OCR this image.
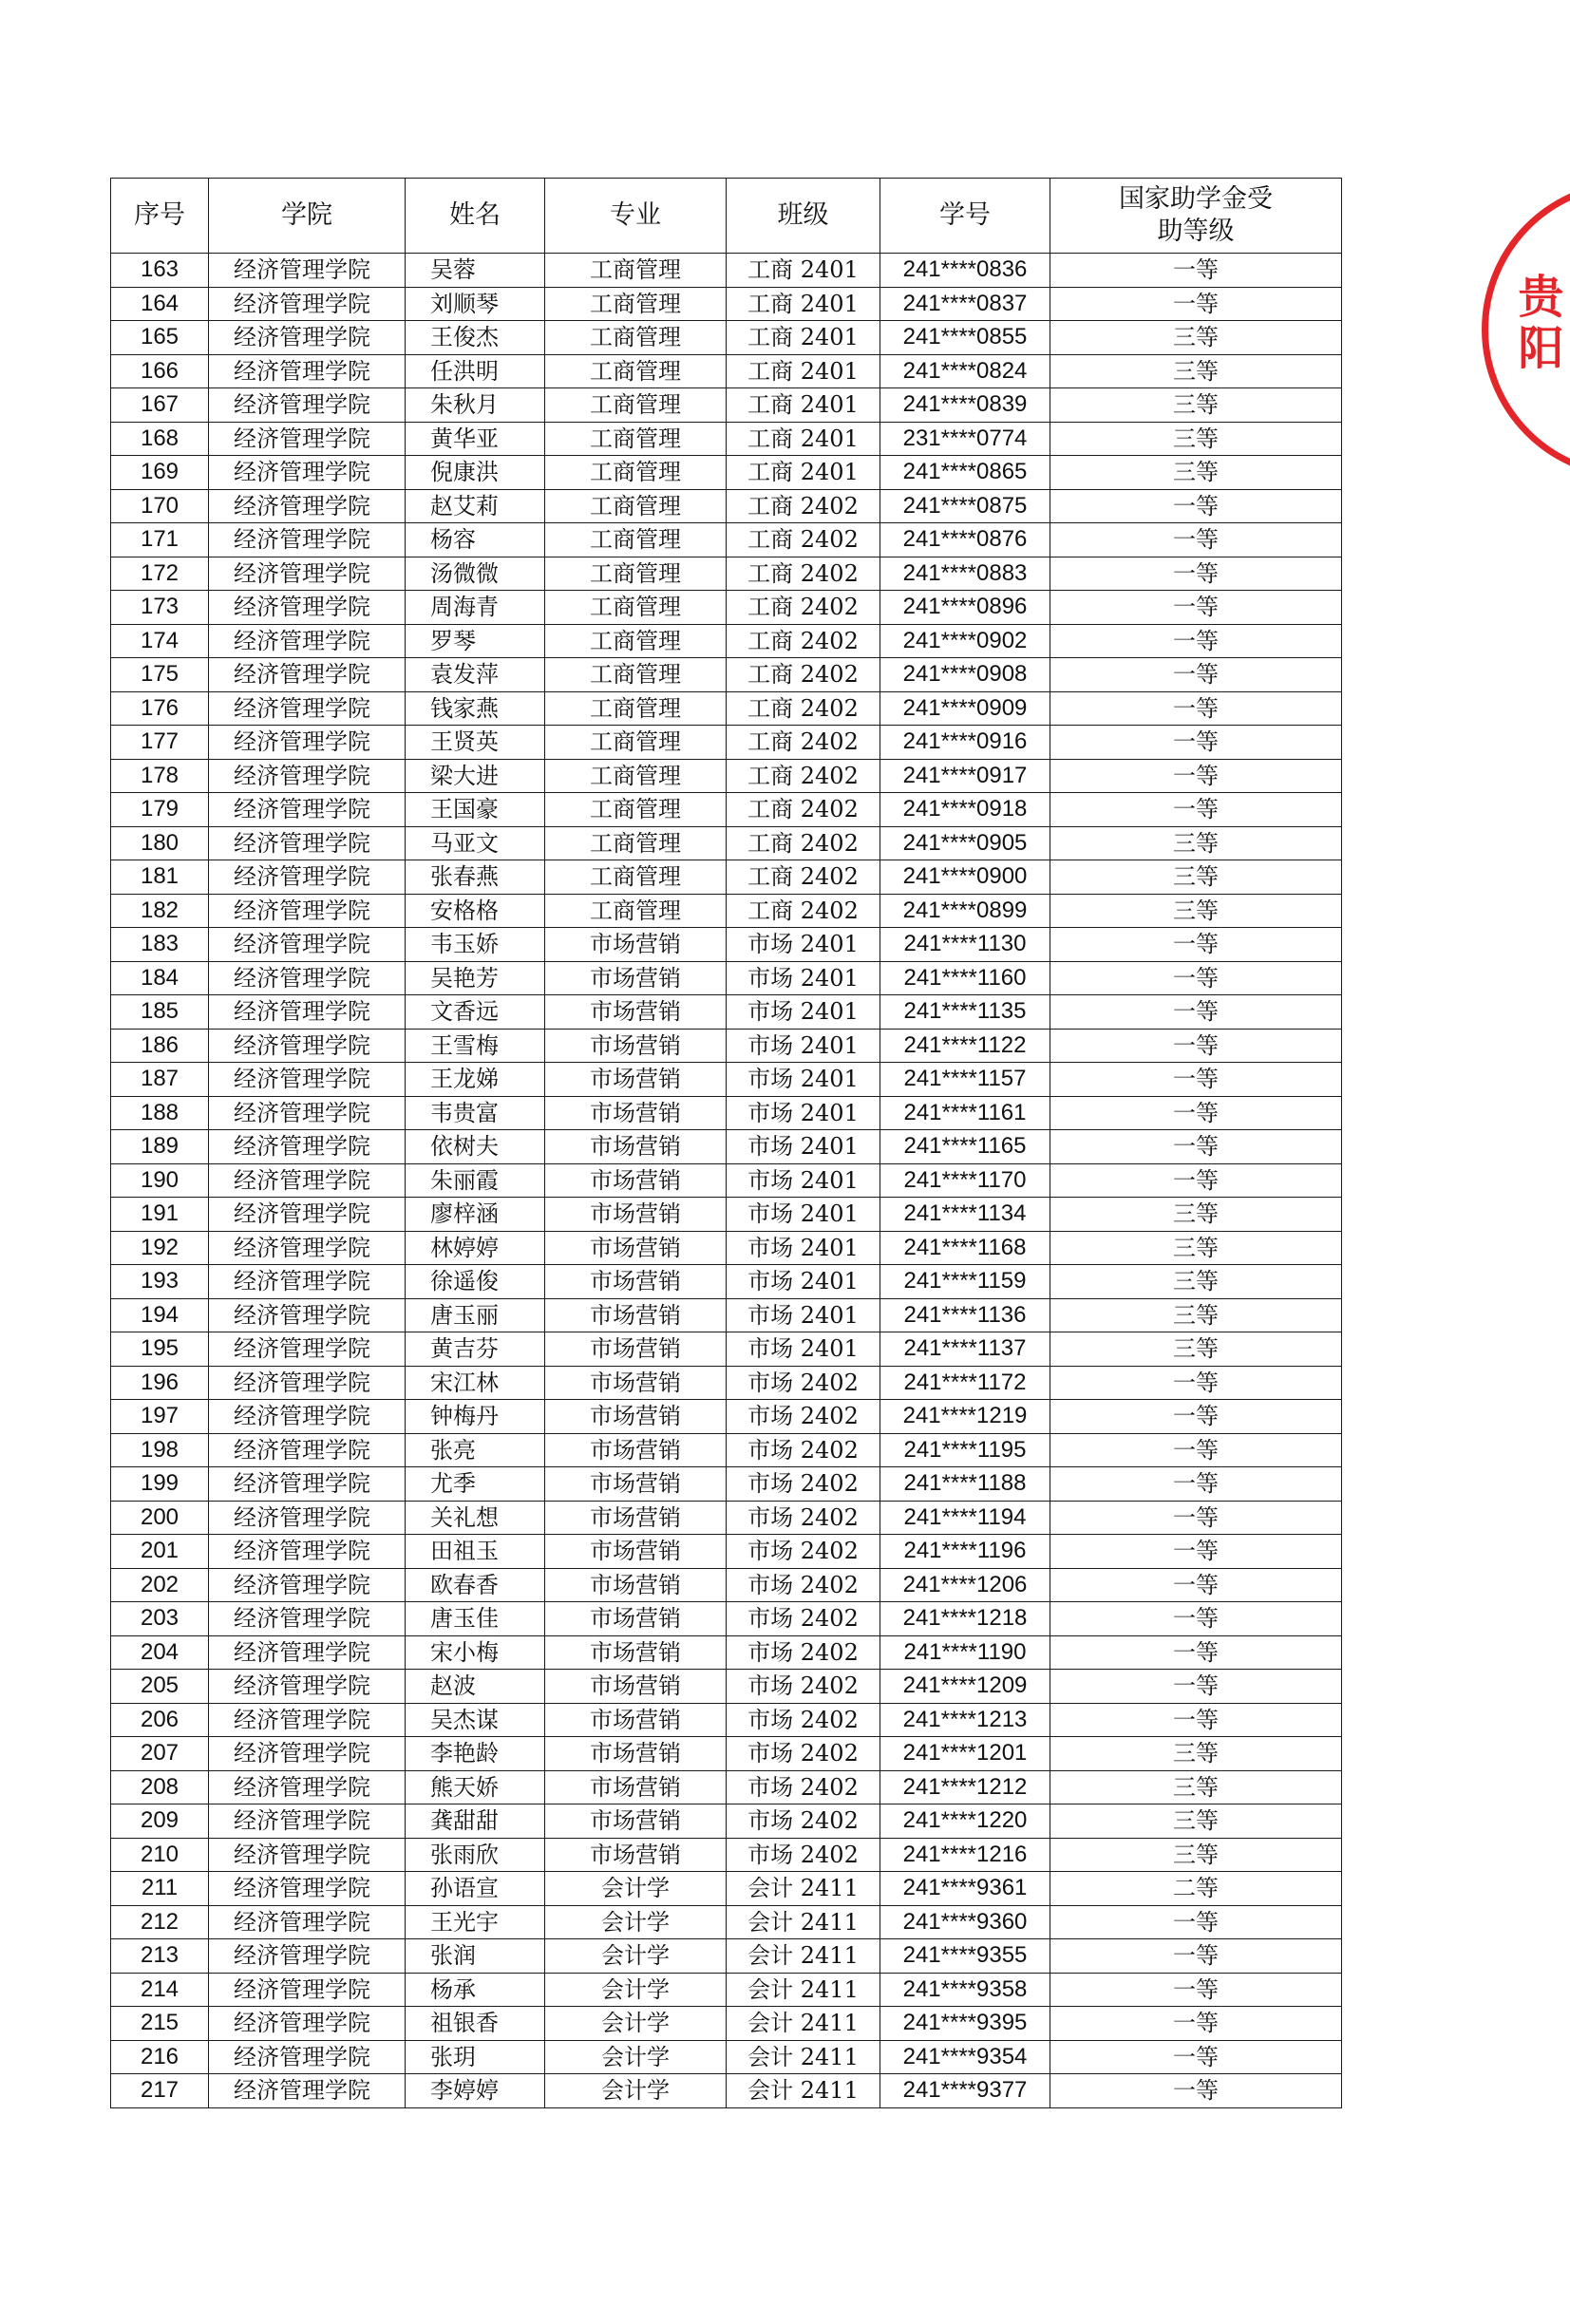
序号	学院	姓名	专业	班级	学号	国家助学金受助等级
163	经济管理学院	吴蓉	工商管理	工商 2401	241****0836	一等
164	经济管理学院	刘顺琴	工商管理	工商 2401	241****0837	一等
165	经济管理学院	王俊杰	工商管理	工商 2401	241****0855	三等
166	经济管理学院	任洪明	工商管理	工商 2401	241****0824	三等
167	经济管理学院	朱秋月	工商管理	工商 2401	241****0839	三等
168	经济管理学院	黄华亚	工商管理	工商 2401	231****0774	三等
169	经济管理学院	倪康洪	工商管理	工商 2401	241****0865	三等
170	经济管理学院	赵艾莉	工商管理	工商 2402	241****0875	一等
171	经济管理学院	杨容	工商管理	工商 2402	241****0876	一等
172	经济管理学院	汤微微	工商管理	工商 2402	241****0883	一等
173	经济管理学院	周海青	工商管理	工商 2402	241****0896	一等
174	经济管理学院	罗琴	工商管理	工商 2402	241****0902	一等
175	经济管理学院	袁发萍	工商管理	工商 2402	241****0908	一等
176	经济管理学院	钱家燕	工商管理	工商 2402	241****0909	一等
177	经济管理学院	王贤英	工商管理	工商 2402	241****0916	一等
178	经济管理学院	梁大进	工商管理	工商 2402	241****0917	一等
179	经济管理学院	王国豪	工商管理	工商 2402	241****0918	一等
180	经济管理学院	马亚文	工商管理	工商 2402	241****0905	三等
181	经济管理学院	张春燕	工商管理	工商 2402	241****0900	三等
182	经济管理学院	安格格	工商管理	工商 2402	241****0899	三等
183	经济管理学院	韦玉娇	市场营销	市场 2401	241****1130	一等
184	经济管理学院	吴艳芳	市场营销	市场 2401	241****1160	一等
185	经济管理学院	文香远	市场营销	市场 2401	241****1135	一等
186	经济管理学院	王雪梅	市场营销	市场 2401	241****1122	一等
187	经济管理学院	王龙娣	市场营销	市场 2401	241****1157	一等
188	经济管理学院	韦贵富	市场营销	市场 2401	241****1161	一等
189	经济管理学院	依树夫	市场营销	市场 2401	241****1165	一等
190	经济管理学院	朱丽霞	市场营销	市场 2401	241****1170	一等
191	经济管理学院	廖梓涵	市场营销	市场 2401	241****1134	三等
192	经济管理学院	林婷婷	市场营销	市场 2401	241****1168	三等
193	经济管理学院	徐遥俊	市场营销	市场 2401	241****1159	三等
194	经济管理学院	唐玉丽	市场营销	市场 2401	241****1136	三等
195	经济管理学院	黄吉芬	市场营销	市场 2401	241****1137	三等
196	经济管理学院	宋江林	市场营销	市场 2402	241****1172	一等
197	经济管理学院	钟梅丹	市场营销	市场 2402	241****1219	一等
198	经济管理学院	张亮	市场营销	市场 2402	241****1195	一等
199	经济管理学院	尤季	市场营销	市场 2402	241****1188	一等
200	经济管理学院	关礼想	市场营销	市场 2402	241****1194	一等
201	经济管理学院	田祖玉	市场营销	市场 2402	241****1196	一等
202	经济管理学院	欧春香	市场营销	市场 2402	241****1206	一等
203	经济管理学院	唐玉佳	市场营销	市场 2402	241****1218	一等
204	经济管理学院	宋小梅	市场营销	市场 2402	241****1190	一等
205	经济管理学院	赵波	市场营销	市场 2402	241****1209	一等
206	经济管理学院	吴杰谋	市场营销	市场 2402	241****1213	一等
207	经济管理学院	李艳龄	市场营销	市场 2402	241****1201	三等
208	经济管理学院	熊天娇	市场营销	市场 2402	241****1212	三等
209	经济管理学院	龚甜甜	市场营销	市场 2402	241****1220	三等
210	经济管理学院	张雨欣	市场营销	市场 2402	241****1216	三等
211	经济管理学院	孙语宣	会计学	会计 2411	241****9361	二等
212	经济管理学院	王光宇	会计学	会计 2411	241****9360	一等
213	经济管理学院	张润	会计学	会计 2411	241****9355	一等
214	经济管理学院	杨承	会计学	会计 2411	241****9358	一等
215	经济管理学院	祖银香	会计学	会计 2411	241****9395	一等
216	经济管理学院	张玥	会计学	会计 2411	241****9354	一等
217	经济管理学院	李婷婷	会计学	会计 2411	241****9377	一等
贵阳
